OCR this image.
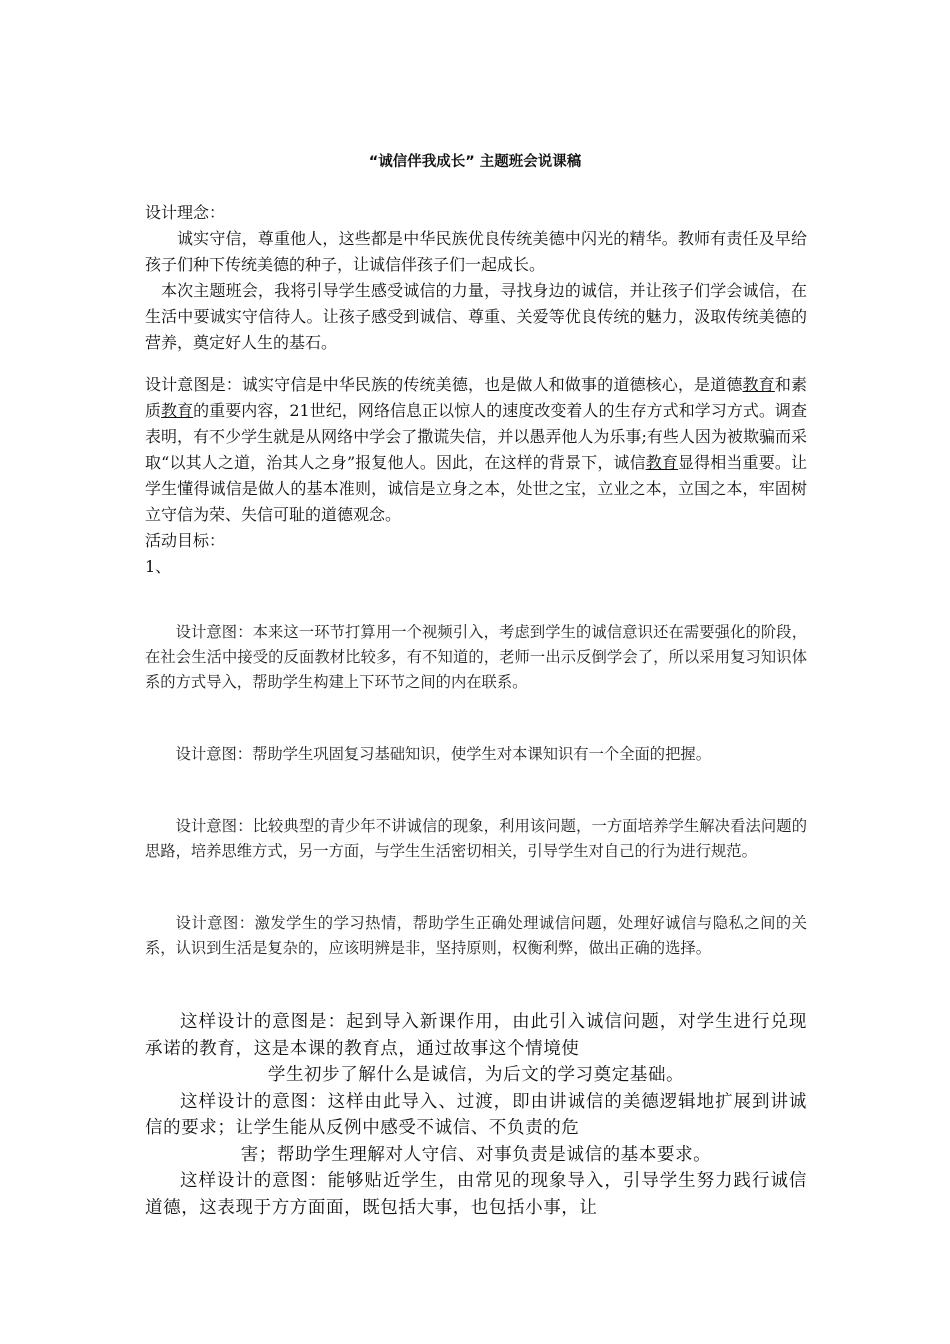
“诚信伴我成长” 主题班会说课稿

设计理念：

诚实守信，尊重他人，这些都是中华民族优良传统美德中闪光的精华。教师有责任及早给孩子们种下传统美德的种子，让诚信伴孩子们一起成长。

本次主题班会，我将引导学生感受诚信的力量，寻找身边的诚信，并让孩子们学会诚信，在生活中要诚实守信待人。让孩子感受到诚信、尊重、关爱等优良传统的魅力，汲取传统美德的营养，奠定好人生的基石。

设计意图是：诚实守信是中华民族的传统美德，也是做人和做事的道德核心，是道德教育和素质教育的重要内容，21世纪，网络信息正以惊人的速度改变着人的生存方式和学习方式。调查表明，有不少学生就是从网络中学会了撒谎失信，并以愚弄他人为乐事;有些人因为被欺骗而采取“以其人之道，治其人之身”报复他人。因此，在这样的背景下，诚信教育显得相当重要。让学生懂得诚信是做人的基本准则，诚信是立身之本，处世之宝，立业之本，立国之本，牢固树立守信为荣、失信可耻的道德观念。

活动目标：

1、

设计意图：本来这一环节打算用一个视频引入，考虑到学生的诚信意识还在需要强化的阶段，在社会生活中接受的反面教材比较多，有不知道的，老师一出示反倒学会了，所以采用复习知识体系的方式导入，帮助学生构建上下环节之间的内在联系。
设计意图：帮助学生巩固复习基础知识，使学生对本课知识有一个全面的把握。
设计意图：比较典型的青少年不讲诚信的现象，利用该问题，一方面培养学生解决看法问题的思路，培养思维方式，另一方面，与学生生活密切相关，引导学生对自己的行为进行规范。
设计意图：激发学生的学习热情，帮助学生正确处理诚信问题，处理好诚信与隐私之间的关系，认识到生活是复杂的，应该明辨是非，坚持原则，权衡利弊，做出正确的选择。

这样设计的意图是：起到导入新课作用，由此引入诚信问题，对学生进行兑现承诺的教育，这是本课的教育点，通过故事这个情境使

学生初步了解什么是诚信，为后文的学习奠定基础。

这样设计的意图：这样由此导入、过渡，即由讲诚信的美德逻辑地扩展到讲诚信的要求；让学生能从反例中感受不诚信、不负责的危

害；帮助学生理解对人守信、对事负责是诚信的基本要求。

这样设计的意图：能够贴近学生，由常见的现象导入，引导学生努力践行诚信道德，这表现于方方面面，既包括大事，也包括小事，让
